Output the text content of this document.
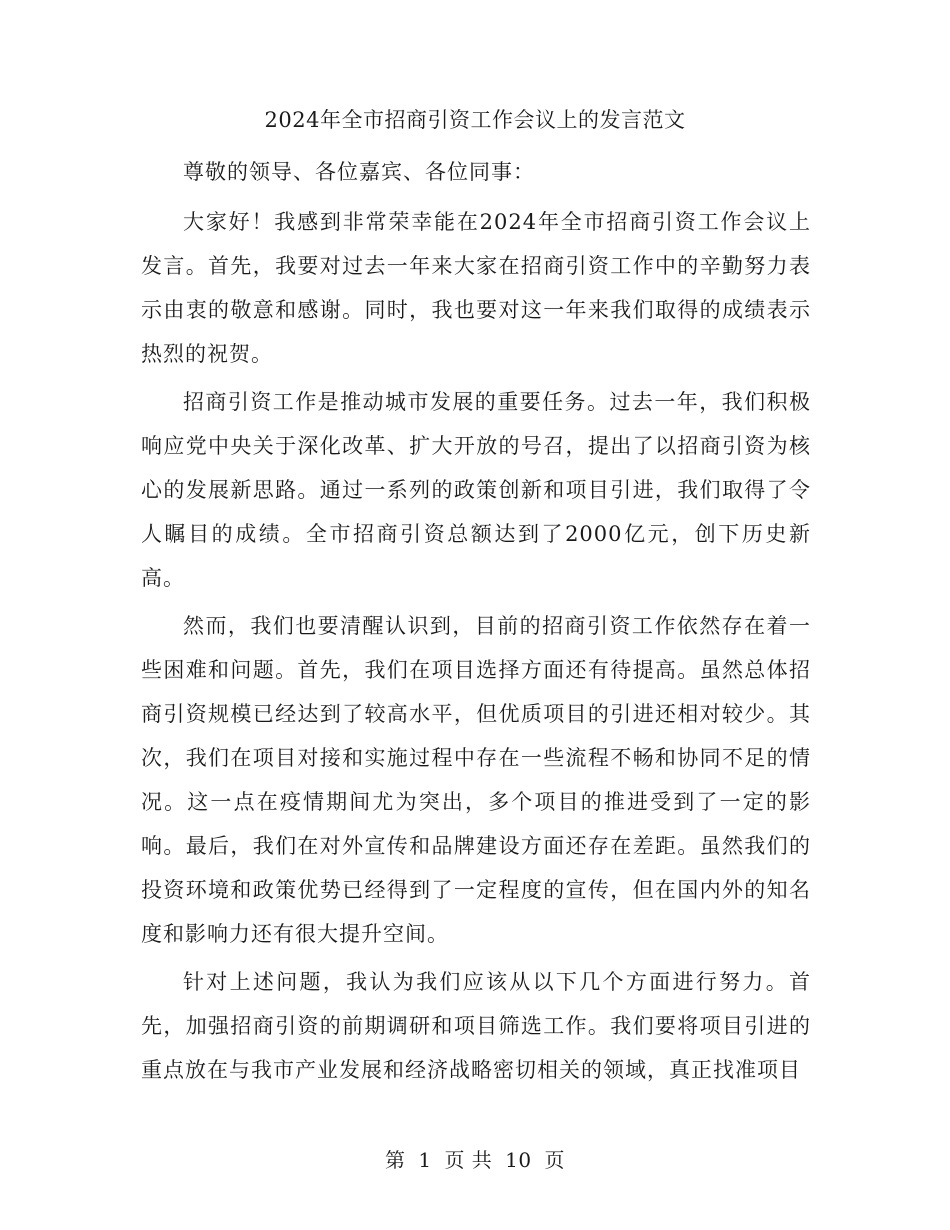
2024年全市招商引资工作会议上的发言范文

尊敬的领导、各位嘉宾、各位同事：

大家好！我感到非常荣幸能在2024年全市招商引资工作会议上发言。首先，我要对过去一年来大家在招商引资工作中的辛勤努力表示由衷的敬意和感谢。同时，我也要对这一年来我们取得的成绩表示热烈的祝贺。

招商引资工作是推动城市发展的重要任务。过去一年，我们积极响应党中央关于深化改革、扩大开放的号召，提出了以招商引资为核心的发展新思路。通过一系列的政策创新和项目引进，我们取得了令人瞩目的成绩。全市招商引资总额达到了2000亿元，创下历史新高。

然而，我们也要清醒认识到，目前的招商引资工作依然存在着一些困难和问题。首先，我们在项目选择方面还有待提高。虽然总体招商引资规模已经达到了较高水平，但优质项目的引进还相对较少。其次，我们在项目对接和实施过程中存在一些流程不畅和协同不足的情况。这一点在疫情期间尤为突出，多个项目的推进受到了一定的影响。最后，我们在对外宣传和品牌建设方面还存在差距。虽然我们的投资环境和政策优势已经得到了一定程度的宣传，但在国内外的知名度和影响力还有很大提升空间。

针对上述问题，我认为我们应该从以下几个方面进行努力。首先，加强招商引资的前期调研和项目筛选工作。我们要将项目引进的重点放在与我市产业发展和经济战略密切相关的领域，真正找准项目

第 1 页 共 10 页
